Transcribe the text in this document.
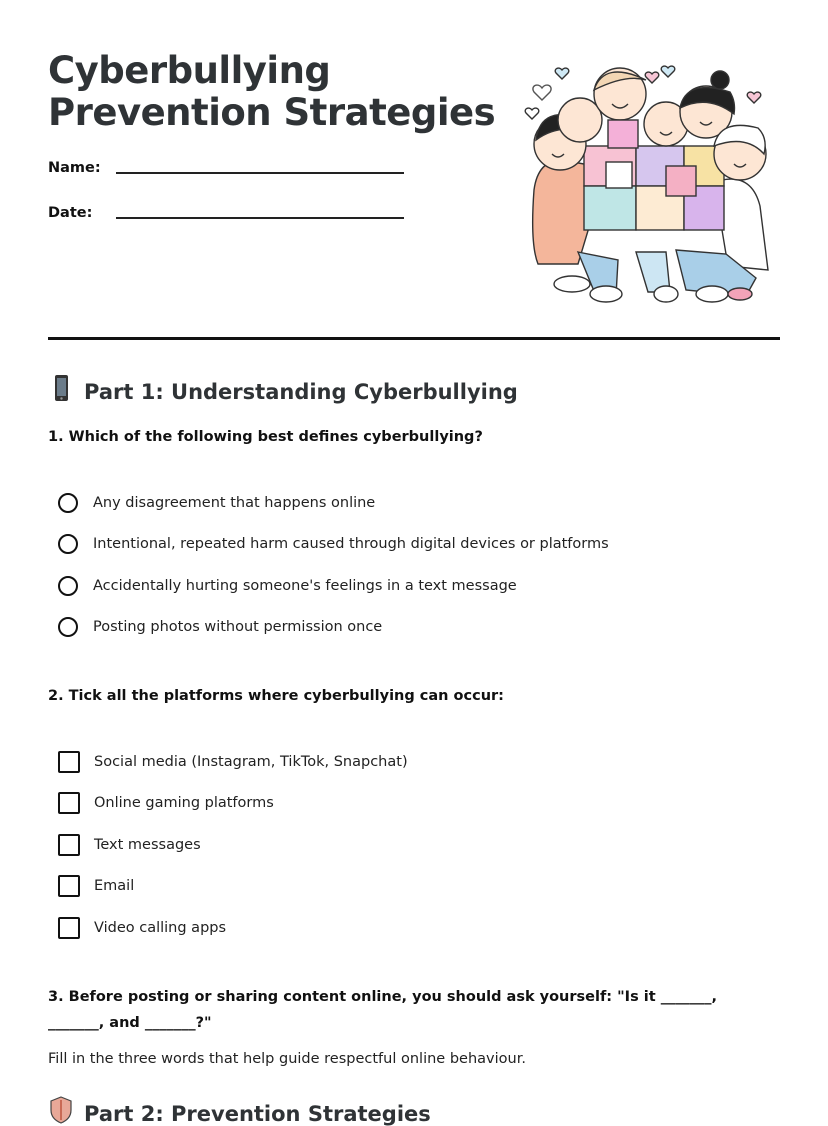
Cyberbullying
Prevention Strategies
Name:
Date:
Part 1: Understanding Cyberbullying

1. Which of the following best defines cyberbullying?

Any disagreement that happens online
Intentional, repeated harm caused through digital devices or platforms
Accidentally hurting someone's feelings in a text message
Posting photos without permission once

2. Tick all the platforms where cyberbullying can occur:

Social media (Instagram, TikTok, Snapchat)
Online gaming platforms
Text messages
Email
Video calling apps

3. Before posting or sharing content online, you should ask yourself: "Is it _______, _______, and _______?"

Fill in the three words that help guide respectful online behaviour.

Part 2: Prevention Strategies
